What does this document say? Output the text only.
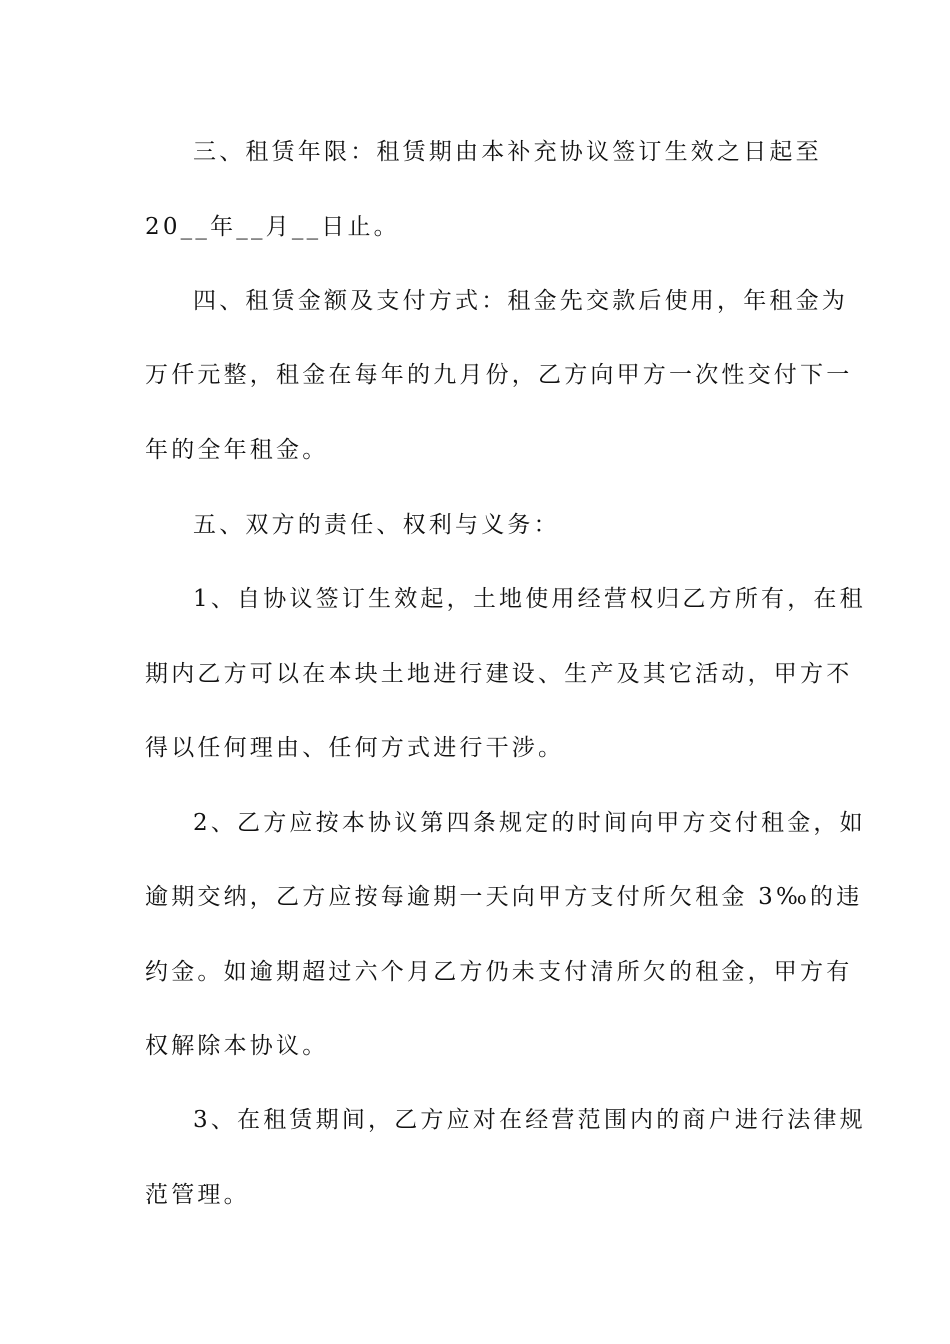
三、租赁年限：租赁期由本补充协议签订生效之日起至

20__年__月__日止。

四、租赁金额及支付方式：租金先交款后使用，年租金为

万仟元整，租金在每年的九月份，乙方向甲方一次性交付下一

年的全年租金。

五、双方的责任、权利与义务：

1、自协议签订生效起，土地使用经营权归乙方所有，在租

期内乙方可以在本块土地进行建设、生产及其它活动，甲方不

得以任何理由、任何方式进行干涉。

2、乙方应按本协议第四条规定的时间向甲方交付租金，如

逾期交纳，乙方应按每逾期一天向甲方支付所欠租金 3‰的违

约金。如逾期超过六个月乙方仍未支付清所欠的租金，甲方有

权解除本协议。

3、在租赁期间，乙方应对在经营范围内的商户进行法律规

范管理。
